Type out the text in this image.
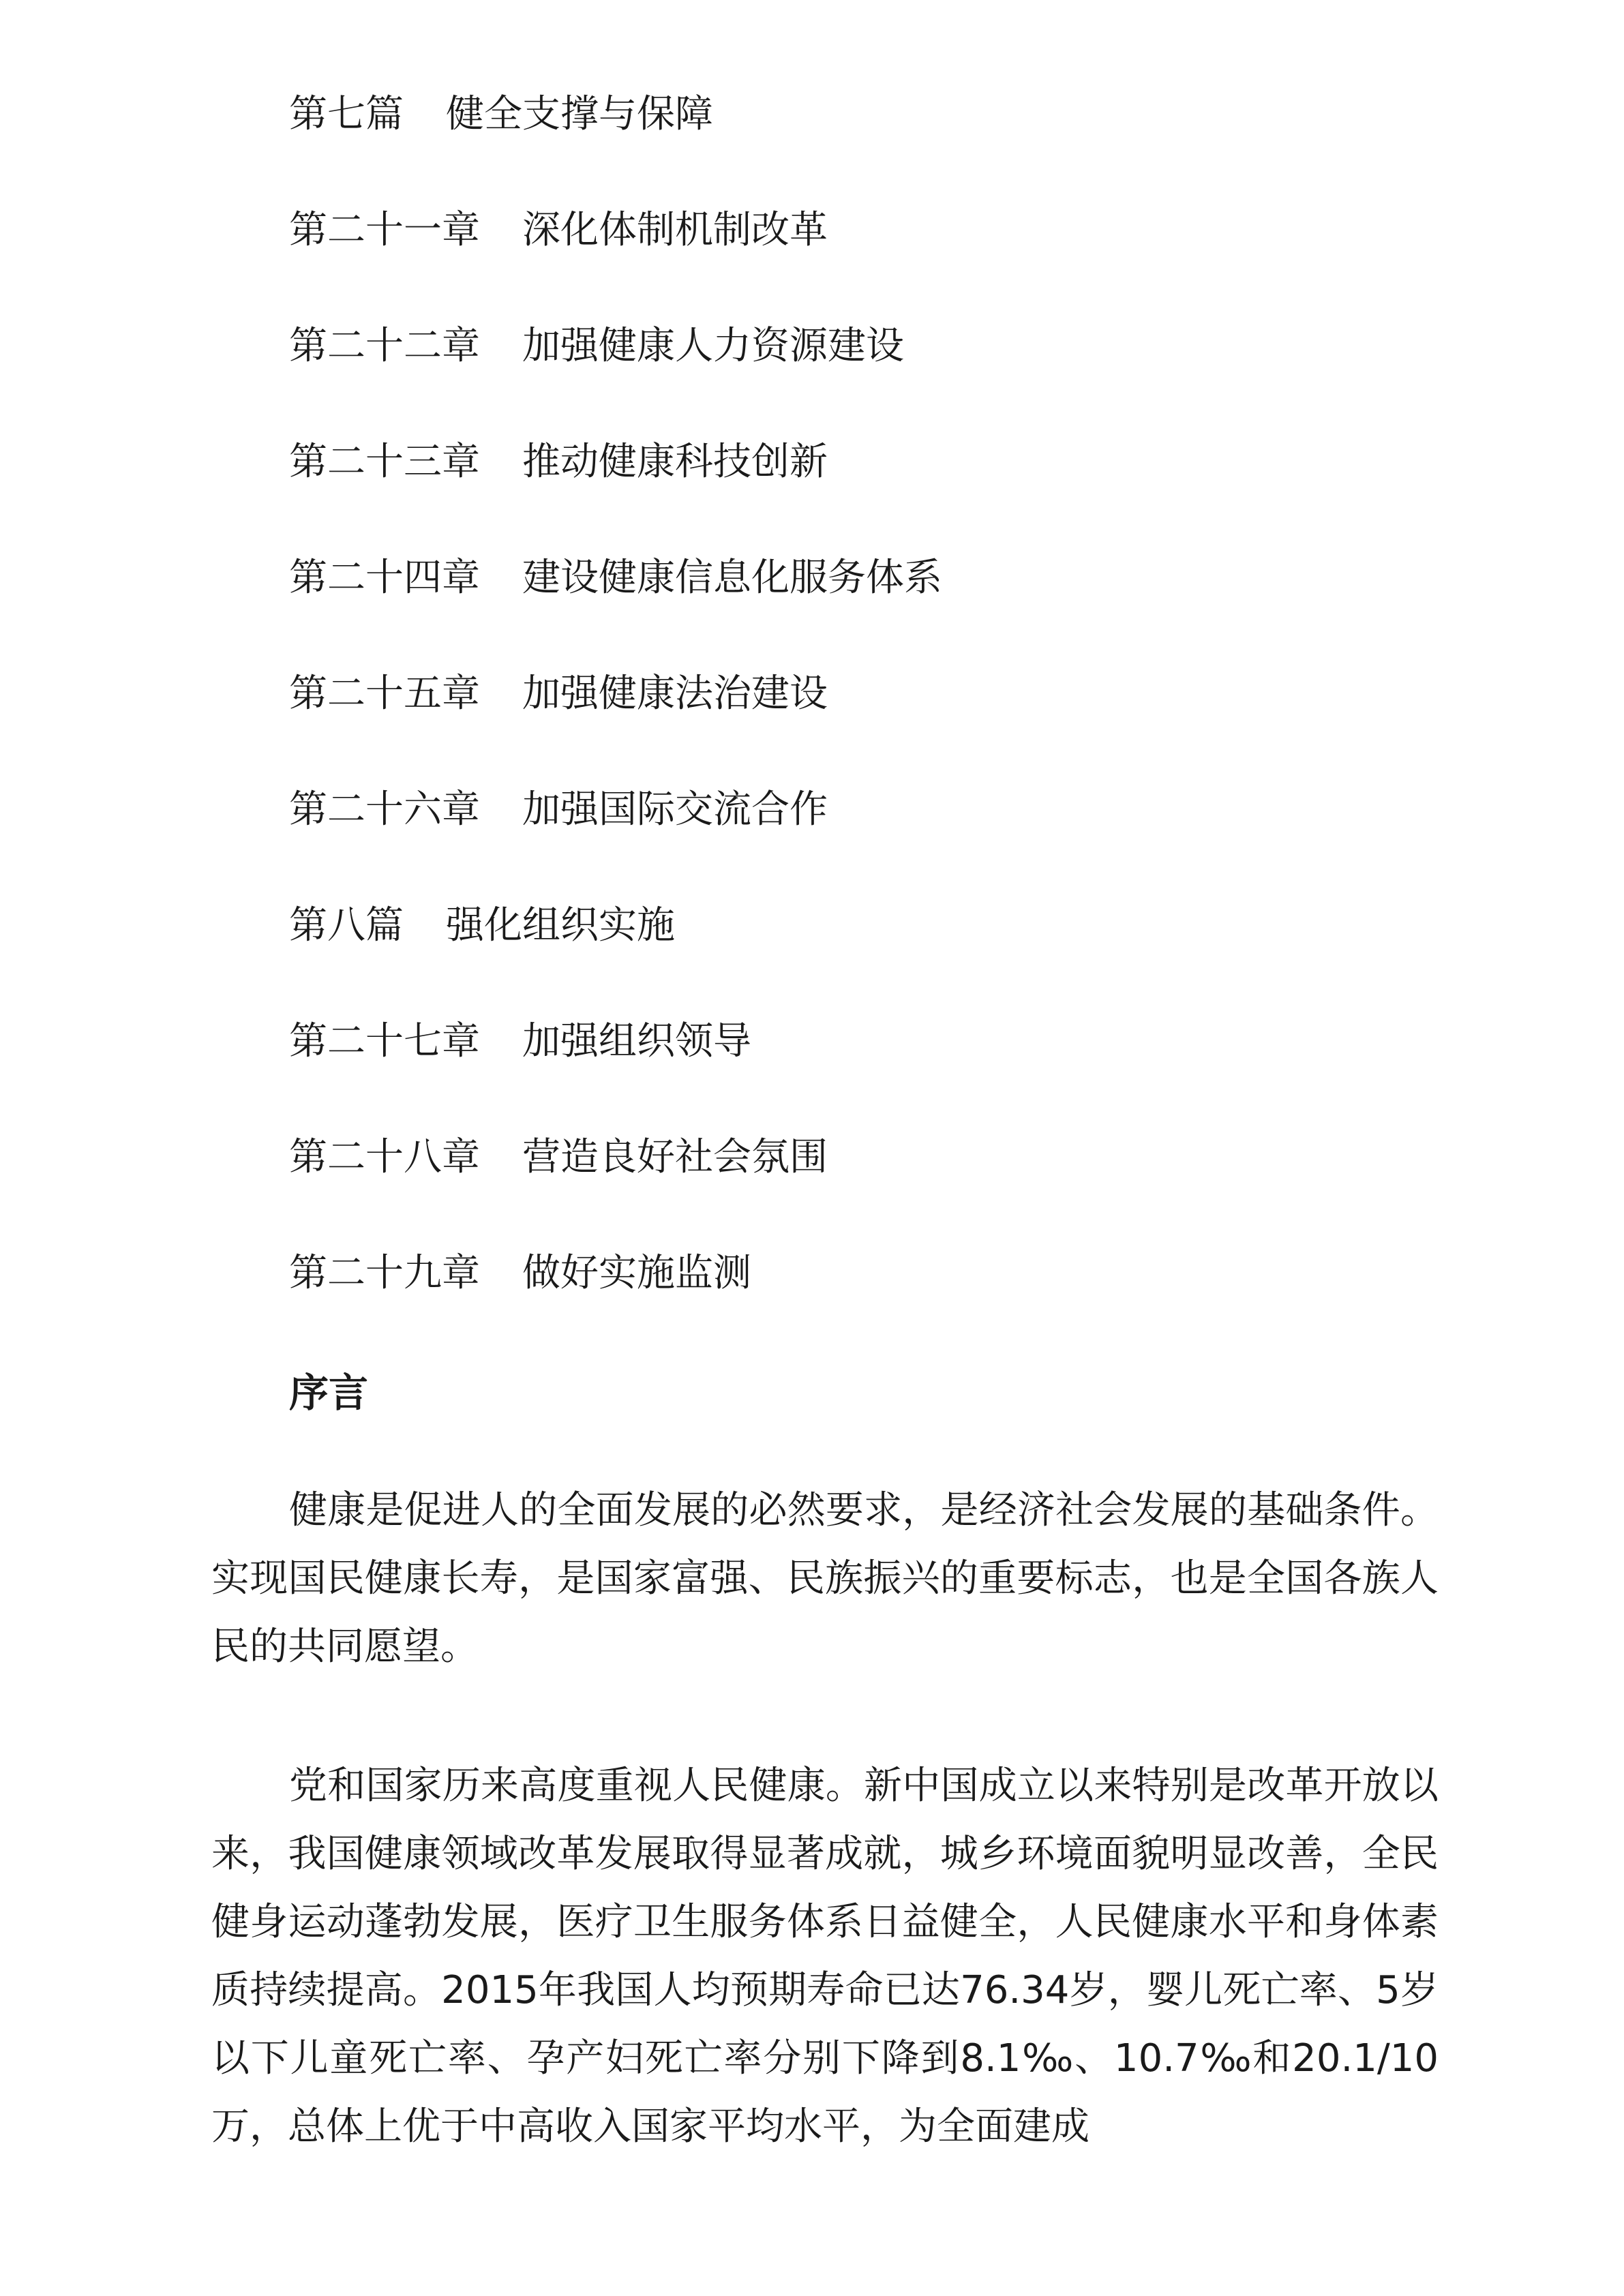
第七篇 健全支撑与保障
第二十一章 深化体制机制改革
第二十二章 加强健康人力资源建设
第二十三章 推动健康科技创新
第二十四章 建设健康信息化服务体系
第二十五章 加强健康法治建设
第二十六章 加强国际交流合作
第八篇 强化组织实施
第二十七章 加强组织领导
第二十八章 营造良好社会氛围
第二十九章 做好实施监测
序言

健康是促进人的全面发展的必然要求，是经济社会发展的基础条件。实现国民健康长寿，是国家富强、民族振兴的重要标志，也是全国各族人民的共同愿望。

党和国家历来高度重视人民健康。新中国成立以来特别是改革开放以来，我国健康领域改革发展取得显著成就，城乡环境面貌明显改善，全民健身运动蓬勃发展，医疗卫生服务体系日益健全，人民健康水平和身体素质持续提高。2015年我国人均预期寿命已达76.34岁，婴儿死亡率、5岁以下儿童死亡率、孕产妇死亡率分别下降到8.1‰、10.7‰和20.1/10万，总体上优于中高收入国家平均水平，为全面建成
